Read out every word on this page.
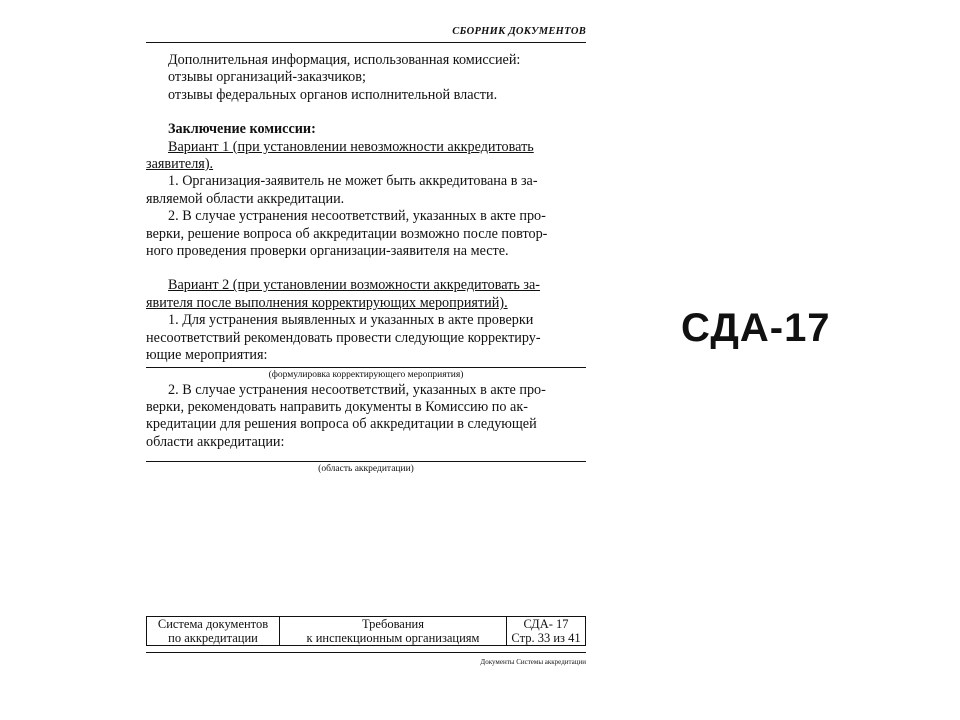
СБОРНИК ДОКУМЕНТОВ
Дополнительная информация, использованная комиссией:
отзывы организаций-заказчиков;
отзывы федеральных органов исполнительной власти.
Заключение комиссии:
Вариант 1 (при установлении невозможности аккредитовать
заявителя).
1. Организация-заявитель не может быть аккредитована в за-
являемой области аккредитации.
2. В случае устранения несоответствий, указанных в акте про-
верки, решение вопроса об аккредитации возможно после повтор-
ного проведения проверки организации-заявителя на месте.
Вариант 2 (при установлении возможности аккредитовать за-
явителя после выполнения корректирующих мероприятий).
1. Для устранения выявленных и указанных в акте проверки
несоответствий рекомендовать провести следующие корректиру-
ющие мероприятия:
(формулировка корректирующего мероприятия)
2. В случае устранения несоответствий, указанных в акте про-
верки, рекомендовать направить документы в Комиссию по ак-
кредитации для решения вопроса об аккредитации в следующей
области аккредитации:
(область аккредитации)
Система документов
по аккредитации

Требования
к инспекционным организациям

СДА- 17
Стр. 33 из 41
Документы Системы аккредитации
СДА-17
